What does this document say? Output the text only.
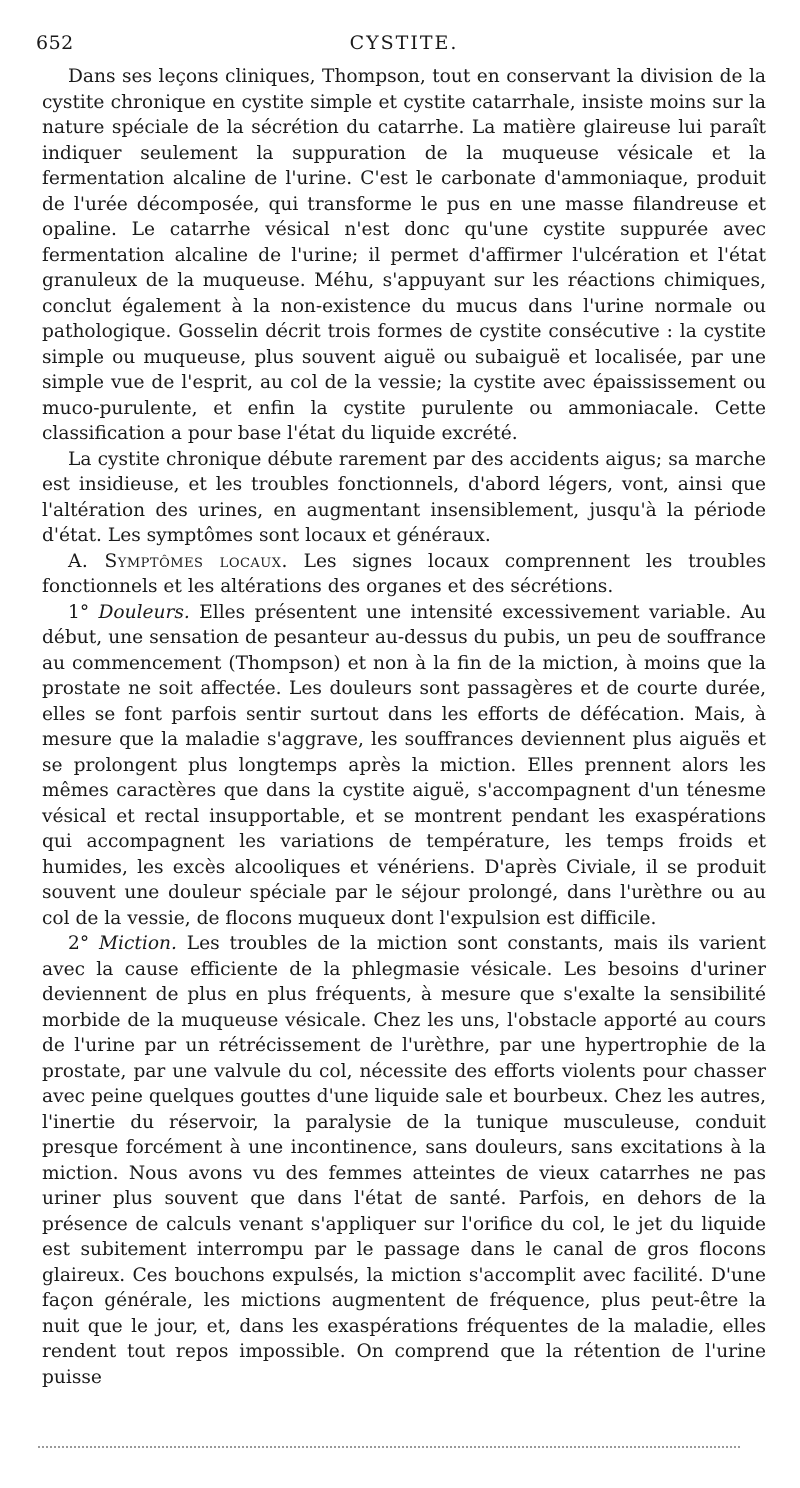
652	CYSTITE.

Dans ses leçons cliniques, Thompson, tout en conservant la division de la cystite chronique en cystite simple et cystite catarrhale, insiste moins sur la nature spéciale de la sécrétion du catarrhe. La matière glaireuse lui paraît indiquer seulement la suppuration de la muqueuse vésicale et la fermentation alcaline de l'urine. C'est le carbonate d'ammoniaque, produit de l'urée décomposée, qui transforme le pus en une masse filandreuse et opaline. Le catarrhe vésical n'est donc qu'une cystite suppurée avec fermentation alcaline de l'urine; il permet d'affirmer l'ulcération et l'état granuleux de la muqueuse. Méhu, s'appuyant sur les réactions chimiques, conclut également à la non-existence du mucus dans l'urine normale ou pathologique. Gosselin décrit trois formes de cystite consécutive : la cystite simple ou muqueuse, plus souvent aiguë ou subaiguë et localisée, par une simple vue de l'esprit, au col de la vessie; la cystite avec épaississement ou muco-purulente, et enfin la cystite purulente ou ammoniacale. Cette classification a pour base l'état du liquide excrété.

La cystite chronique débute rarement par des accidents aigus; sa marche est insidieuse, et les troubles fonctionnels, d'abord légers, vont, ainsi que l'altération des urines, en augmentant insensiblement, jusqu'à la période d'état. Les symptômes sont locaux et généraux.

A. Symptômes locaux. Les signes locaux comprennent les troubles fonctionnels et les altérations des organes et des sécrétions.

1° Douleurs. Elles présentent une intensité excessivement variable. Au début, une sensation de pesanteur au-dessus du pubis, un peu de souffrance au commencement (Thompson) et non à la fin de la miction, à moins que la prostate ne soit affectée. Les douleurs sont passagères et de courte durée, elles se font parfois sentir surtout dans les efforts de défécation. Mais, à mesure que la maladie s'aggrave, les souffrances deviennent plus aiguës et se prolongent plus longtemps après la miction. Elles prennent alors les mêmes caractères que dans la cystite aiguë, s'accompagnent d'un ténesme vésical et rectal insupportable, et se montrent pendant les exaspérations qui accompagnent les variations de température, les temps froids et humides, les excès alcooliques et vénériens. D'après Civiale, il se produit souvent une douleur spéciale par le séjour prolongé, dans l'urèthre ou au col de la vessie, de flocons muqueux dont l'expulsion est difficile.

2° Miction. Les troubles de la miction sont constants, mais ils varient avec la cause efficiente de la phlegmasie vésicale. Les besoins d'uriner deviennent de plus en plus fréquents, à mesure que s'exalte la sensibilité morbide de la muqueuse vésicale. Chez les uns, l'obstacle apporté au cours de l'urine par un rétrécissement de l'urèthre, par une hypertrophie de la prostate, par une valvule du col, nécessite des efforts violents pour chasser avec peine quelques gouttes d'une liquide sale et bourbeux. Chez les autres, l'inertie du réservoir, la paralysie de la tunique musculeuse, conduit presque forcément à une incontinence, sans douleurs, sans excitations à la miction. Nous avons vu des femmes atteintes de vieux catarrhes ne pas uriner plus souvent que dans l'état de santé. Parfois, en dehors de la présence de calculs venant s'appliquer sur l'orifice du col, le jet du liquide est subitement interrompu par le passage dans le canal de gros flocons glaireux. Ces bouchons expulsés, la miction s'accomplit avec facilité. D'une façon générale, les mictions augmentent de fréquence, plus peut-être la nuit que le jour, et, dans les exaspérations fréquentes de la maladie, elles rendent tout repos impossible. On comprend que la rétention de l'urine puisse
